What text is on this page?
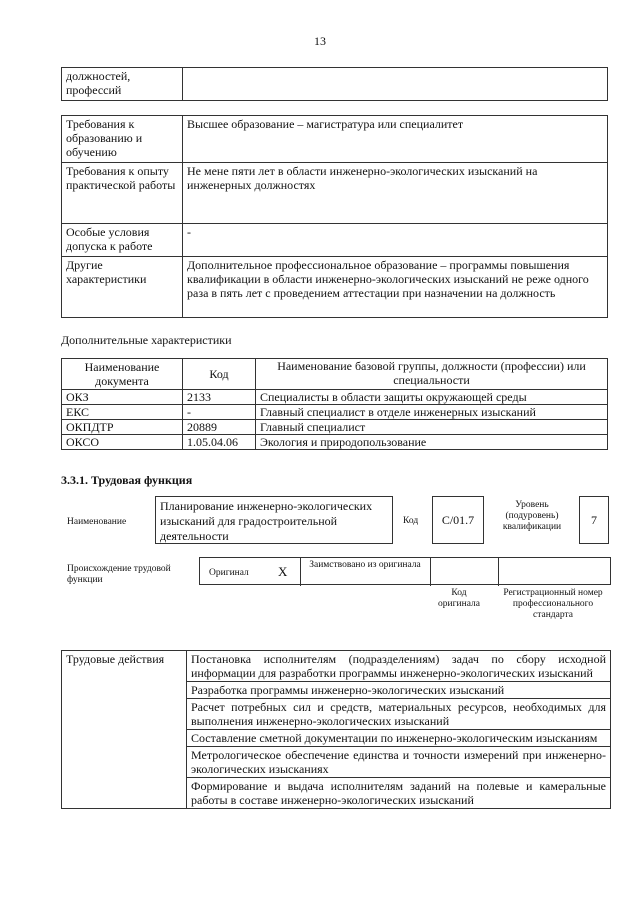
13
должностей, профессий	
Требования к образованию и обучению	Высшее образование – магистратура или специалитет
Требования к опыту практической работы	Не мене пяти лет в области инженерно-экологических изысканий на инженерных должностях
Особые условия допуска к работе	-
Другие характеристики	Дополнительное профессиональное образование – программы повышения квалификации в области инженерно-экологических изысканий не реже одного раза в пять лет с проведением аттестации при назначении на должность
Дополнительные характеристики
Наименование документа	Код	Наименование базовой группы, должности (профессии) или специальности
ОКЗ	2133	Специалисты в области защиты окружающей среды
ЕКС	-	Главный специалист в отделе инженерных изысканий
ОКПДТР	20889	Главный специалист
ОКСО	1.05.04.06	Экология и природопользование
3.3.1. Трудовая функция
Наименование
Планирование инженерно-экологических изысканий для градостроительной деятельности
Код	С/01.7
Уровень (подуровень) квалификации	7
Происхождение трудовой функции
Оригинал X	Заимствовано из оригинала
Код оригинала
Регистрационный номер профессионального стандарта
Трудовые действия	Постановка исполнителям (подразделениям) задач по сбору исходной информации для разработки программы инженерно-экологических изысканий
Разработка программы инженерно-экологических изысканий
Расчет потребных сил и средств, материальных ресурсов, необходимых для выполнения инженерно-экологических изысканий
Составление сметной документации по инженерно-экологическим изысканиям
Метрологическое обеспечение единства и точности измерений при инженерно-экологических изысканиях
Формирование и выдача исполнителям заданий на полевые и камеральные работы в составе инженерно-экологических изысканий
